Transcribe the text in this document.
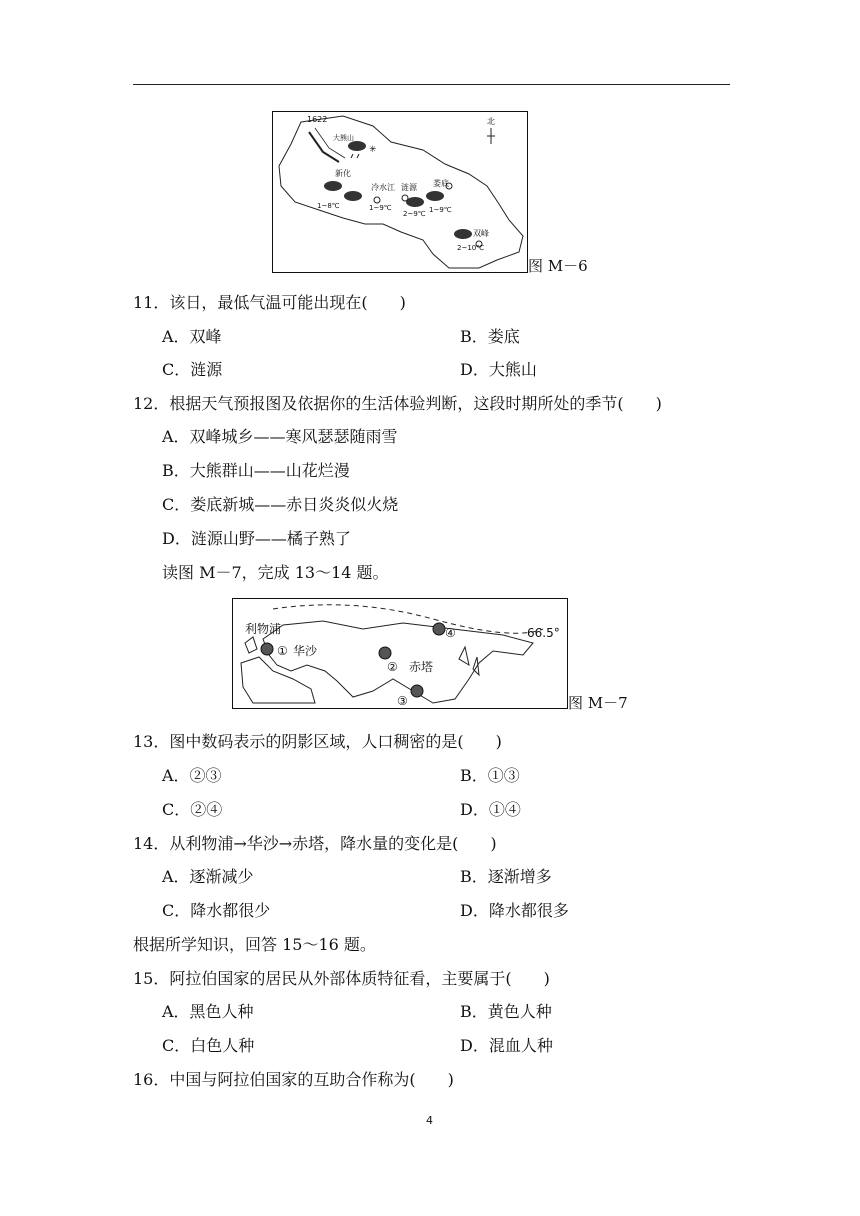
1622
大熊山
北
✳
新化
1~8℃
冷水江
1~9℃
涟源
2~9℃
娄底
1~9℃
双峰
2~10℃
图 M－6
11．该日，最低气温可能出现在(　　)
A．双峰	B．娄底
C．涟源	D．大熊山
12．根据天气预报图及依据你的生活体验判断，这段时期所处的季节(　　)
A．双峰城乡——寒风瑟瑟随雨雪
B．大熊群山——山花烂漫
C．娄底新城——赤日炎炎似火烧
D．涟源山野——橘子熟了
读图 M－7，完成 13～14 题。
利物浦
华沙
赤塔
66.5°
①
②
③
④
图 M－7
13．图中数码表示的阴影区域，人口稠密的是(　　)
A．②③	B．①③
C．②④	D．①④
14．从利物浦→华沙→赤塔，降水量的变化是(　　)
A．逐渐减少	B．逐渐增多
C．降水都很少	D．降水都很多
根据所学知识，回答 15～16 题。
15．阿拉伯国家的居民从外部体质特征看，主要属于(　　)
A．黑色人种	B．黄色人种
C．白色人种	D．混血人种
16．中国与阿拉伯国家的互助合作称为(　　)
4
